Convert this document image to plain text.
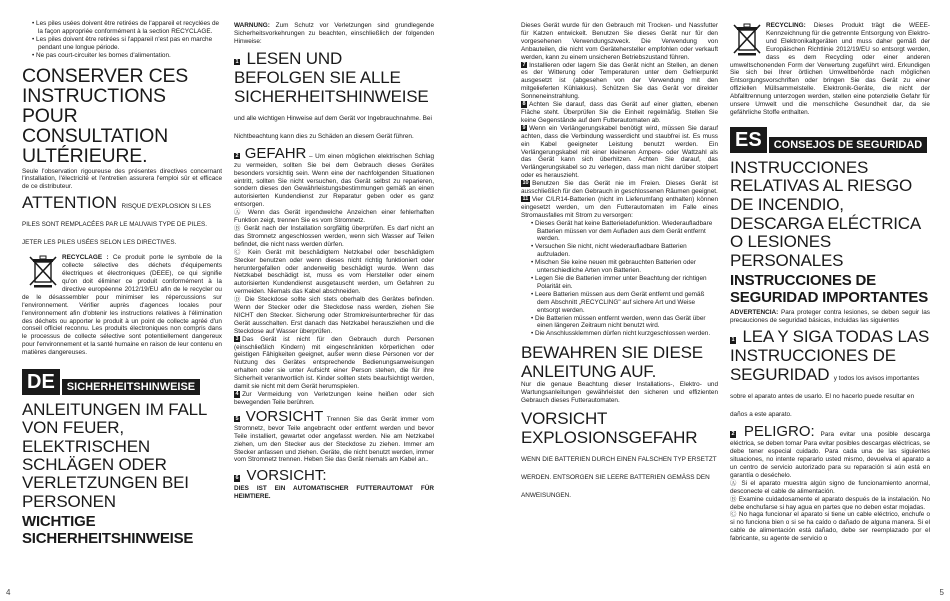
• Les piles usées doivent être retirées de l'appareil et recyclées de la façon appropriée conformément à la section RECYCLAGE.
• Les piles doivent être retirées si l'appareil n'est pas en marche pendant une longue période.
• Ne pas court-circuiter les bornes d'alimentation.
CONSERVER CES INSTRUCTIONS POUR CONSULTATION ULTÉRIEURE.
Seule l'observation rigoureuse des présentes directives concernant l'installation, l'électricité et l'entretien assurera l'emploi sûr et efficace de ce distributeur.
ATTENTION RISQUE D'EXPLOSION SI LES PILES SONT REMPLACÉES PAR LE MAUVAIS TYPE DE PILES. JETER LES PILES USÉES SELON LES DIRECTIVES.
RECYCLAGE : Ce produit porte le symbole de la collecte sélective des déchets d'équipements électriques et électroniques (DEEE), ce qui signifie qu'on doit éliminer ce produit conformément à la directive européenne 2012/19/EU afin de le recycler ou de le désassembler pour minimiser les répercussions sur l'environnement. Vérifier auprès d'agences locales pour l'environnement afin d'obtenir les instructions relatives à l'élimination des déchets ou apporter le produit à un point de collecte agréé d'un conseil officiel reconnu. Les produits électroniques non compris dans le processus de collecte sélective sont potentiellement dangereux pour l'environnement et la santé humaine en raison de leur contenu en matières dangereuses.
DE	SICHERHEITSHINWEISE
ANLEITUNGEN IM FALL VON FEUER, ELEKTRISCHEN SCHLÄGEN ODER VERLETZUNGEN BEI PERSONEN
WICHTIGE SICHERHEITSHINWEISE
WARNUNG: Zum Schutz vor Verletzungen sind grundlegende Sicherheitsvorkehrungen zu beachten, einschließlich der folgenden Hinweise:
1 LESEN UND BEFOLGEN SIE ALLE SICHERHEITSHINWEISE und alle wichtigen Hinweise auf dem Gerät vor Ingebrauchnahme. Bei Nichtbeachtung kann dies zu Schäden an diesem Gerät führen.
2 GEFAHR – Um einen möglichen elektrischen Schlag zu vermeiden, sollten Sie bei dem Gebrauch dieses Gerätes besonders vorsichtig sein. Wenn eine der nachfolgenden Situationen eintritt, sollten Sie nicht versuchen, das Gerät selbst zu reparieren, sondern dieses den Gewährleistungsbestimmungen gemäß an einen autorisierten Kundendienst zur Reparatur geben oder es ganz entsorgen.
Ⓐ Wenn das Gerät irgendwelche Anzeichen einer fehlerhaften Funktion zeigt, trennen Sie es vom Stromnetz.
Ⓑ Gerät nach der Installation sorgfältig überprüfen. Es darf nicht an das Stromnetz angeschlossen werden, wenn sich Wasser auf Teilen befindet, die nicht nass werden dürfen.
Ⓒ Kein Gerät mit beschädigtem Netzkabel oder beschädigtem Stecker benutzen oder wenn dieses nicht richtig funktioniert oder heruntergefallen oder anderweitig beschädigt wurde. Wenn das Netzkabel beschädigt ist, muss es vom Hersteller oder einem autorisierten Kundendienst ausgetauscht werden, um Gefahren zu vermeiden. Niemals das Kabel abschneiden.
Ⓓ Die Steckdose sollte sich stets oberhalb des Gerätes befinden. Wenn der Stecker oder die Steckdose nass werden, ziehen Sie NICHT den Stecker. Sicherung oder Stromkreisunterbrecher für das Gerät ausschalten. Erst danach das Netzkabel herausziehen und die Steckdose auf Wasser überprüfen.
3 Das Gerät ist nicht für den Gebrauch durch Personen (einschließlich Kindern) mit eingeschränkten körperlichen oder geistigen Fähigkeiten geeignet, außer wenn diese Personen vor der Nutzung des Gerätes entsprechende Bedienungsanweisungen erhalten oder sie unter Aufsicht einer Person stehen, die für ihre Sicherheit verantwortlich ist. Kinder sollten stets beaufsichtigt werden, damit sie nicht mit dem Gerät herumspielen.
4 Zur Vermeidung von Verletzungen keine heißen oder sich bewegenden Teile berühren.
5 VORSICHT Trennen Sie das Gerät immer vom Stromnetz, bevor Teile angebracht oder entfernt werden und bevor Teile installiert, gewartet oder angefasst werden. Nie am Netzkabel ziehen, um den Stecker aus der Steckdose zu ziehen. Immer am Stecker anfassen und ziehen. Geräte, die nicht benutzt werden, immer vom Stromnetz trennen. Heben Sie das Gerät niemals am Kabel an..
6 VORSICHT:
DIES IST EIN AUTOMATISCHER FUTTERAUTOMAT FÜR HEIMTIERE.
Dieses Gerät wurde für den Gebrauch mit Trocken- und Nassfutter für Katzen entwickelt. Benutzen Sie dieses Gerät nur für den vorgesehenen Verwendungszweck. Die Verwendung von Anbauteilen, die nicht vom Gerätehersteller empfohlen oder verkauft werden, kann zu einem unsicheren Betriebszustand führen.
7 Installieren oder lagern Sie das Gerät nicht an Stellen, an denen es der Witterung oder Temperaturen unter dem Gefrierpunkt ausgesetzt ist (abgesehen von der Verwendung mit den mitgelieferten Kühlakkus). Schützen Sie das Gerät vor direkter Sonneneinstrahlung.
8 Achten Sie darauf, dass das Gerät auf einer glatten, ebenen Fläche steht. Überprüfen Sie die Einheit regelmäßig. Stellen Sie keine Gegenstände auf dem Futterautomaten ab.
9 Wenn ein Verlängerungskabel benötigt wird, müssen Sie darauf achten, dass die Verbindung wasserdicht und staubfrei ist. Es muss ein Kabel geeigneter Leistung benutzt werden. Ein Verlängerungskabel mit einer kleineren Ampere- oder Wattzahl als das Gerät kann sich überhitzen. Achten Sie darauf, das Verlängerungskabel so zu verlegen, dass man nicht darüber stolpert oder es herauszieht.
10 Benutzen Sie das Gerät nie im Freien. Dieses Gerät ist ausschließlich für den Gebrauch in geschlossenen Räumen geeignet.
11 Vier C/LR14-Batterien (nicht im Lieferumfang enthalten) können eingesetzt werden, um den Futterautomaten im Falle eines Stromausfalles mit Strom zu versorgen:
• Dieses Gerät hat keine Batterieladefunktion. Wiederaufladbare Batterien müssen vor dem Aufladen aus dem Gerät entfernt werden.
• Versuchen Sie nicht, nicht wiederaufladbare Batterien aufzuladen.
• Mischen Sie keine neuen mit gebrauchten Batterien oder unterschiedliche Arten von Batterien.
• Legen Sie die Batterien immer unter Beachtung der richtigen Polarität ein.
• Leere Batterien müssen aus dem Gerät entfernt und gemäß dem Abschnitt „RECYCLING" auf sichere Art und Weise entsorgt werden.
• Die Batterien müssen entfernt werden, wenn das Gerät über einen längeren Zeitraum nicht benutzt wird.
• Die Anschlussklemmen dürfen nicht kurzgeschlossen werden.
BEWAHREN SIE DIESE ANLEITUNG AUF.
Nur die genaue Beachtung dieser Installations-, Elektro- und Wartungsanleitungen gewährleistet den sicheren und effizienten Gebrauch dieses Futterautomaten.
VORSICHT EXPLOSIONSGEFAHR WENN DIE BATTERIEN DURCH EINEN FALSCHEN TYP ERSETZT WERDEN. ENTSORGEN SIE LEERE BATTERIEN GEMÄSS DEN ANWEISUNGEN.
RECYCLING: Dieses Produkt trägt die WEEE-Kennzeichnung für die getrennte Entsorgung von Elektro- und Elektronikaltgeräten und muss daher gemäß der Europäischen Richtlinie 2012/19/EU so entsorgt werden, dass es dem Recycling oder einer anderen umweltschonenden Form der Verwertung zugeführt wird. Erkundigen Sie sich bei Ihrer örtlichen Umweltbehörde nach möglichen Entsorgungsvorschriften oder bringen Sie das Gerät zu einer offiziellen Müllsammelstelle. Elektronik-Geräte, die nicht der Abfalltrennung unterzogen werden, stellen eine potenzielle Gefahr für unsere Umwelt und die menschliche Gesundheit dar, da sie gefährliche Stoffe enthalten.
ES	CONSEJOS DE SEGURIDAD
INSTRUCCIONES RELATIVAS AL RIESGO DE INCENDIO, DESCARGA ELÉCTRICA O LESIONES PERSONALES
INSTRUCCIONES DE SEGURIDAD IMPORTANTES
ADVERTENCIA: Para proteger contra lesiones, se deben seguir las precauciones de seguridad básicas, incluidas las siguientes
1 LEA Y SIGA TODAS LAS INSTRUCCIONES DE SEGURIDAD y todos los avisos importantes sobre el aparato antes de usarlo. El no hacerlo puede resultar en daños a este aparato.
2 PELIGRO: Para evitar una posible descarga eléctrica, se deben tomar Para evitar posibles descargas eléctricas, se debe tener especial cuidado. Para cada una de las siguientes situaciones, no intente repararlo usted mismo, devuelva el aparato a un centro de servicio autorizado para su reparación si aún está en garantía o deséchelo.
Ⓐ Si el aparato muestra algún signo de funcionamiento anormal, desconecte el cable de alimentación.
Ⓑ Examine cuidadosamente el aparato después de la instalación. No debe enchufarse si hay agua en partes que no deben estar mojadas.
Ⓒ No haga funcionar el aparato si tiene un cable eléctrico, enchufe o si no funciona bien o si se ha caído o dañado de alguna manera. Si el cable de alimentación está dañado, debe ser reemplazado por el fabricante, su agente de servicio o
4	5
